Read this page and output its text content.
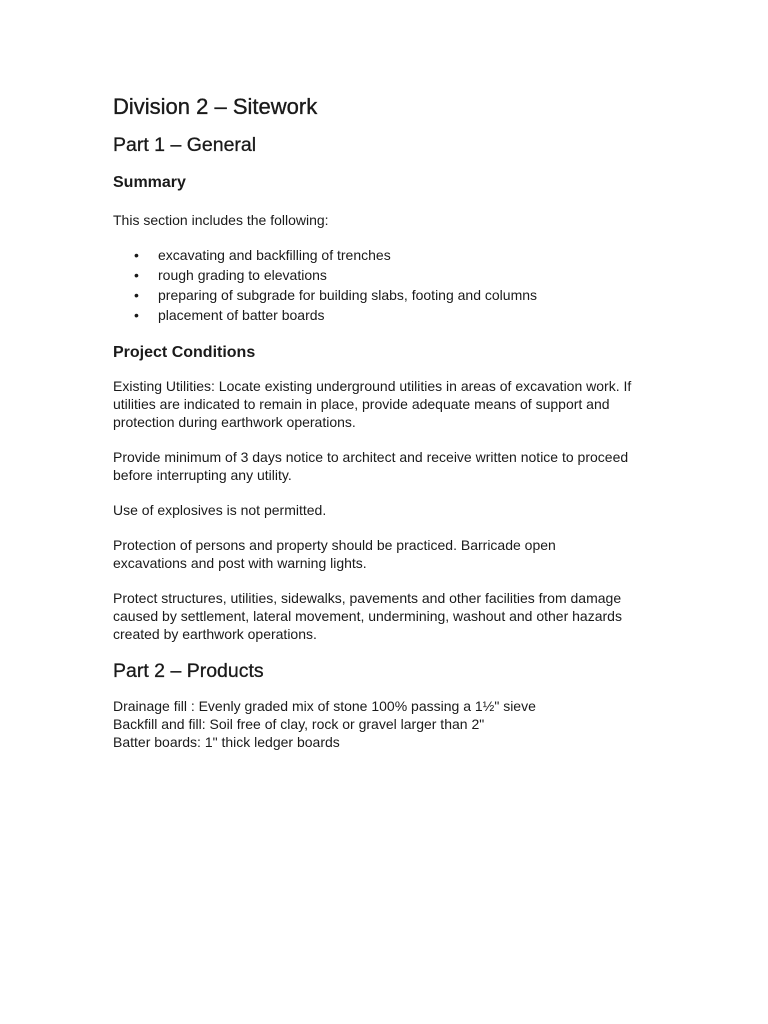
Division 2 – Sitework
Part 1 – General
Summary

This section includes the following:

• excavating and backfilling of trenches
• rough grading to elevations
• preparing of subgrade for building slabs, footing and columns
• placement of batter boards
Project Conditions

Existing Utilities: Locate existing underground utilities in areas of excavation work. If utilities are indicated to remain in place, provide adequate means of support and protection during earthwork operations.

Provide minimum of 3 days notice to architect and receive written notice to proceed before interrupting any utility.

Use of explosives is not permitted.

Protection of persons and property should be practiced. Barricade open excavations and post with warning lights.

Protect structures, utilities, sidewalks, pavements and other facilities from damage caused by settlement, lateral movement, undermining, washout and other hazards created by earthwork operations.

Part 2 – Products

Drainage fill : Evenly graded mix of stone 100% passing a 1½" sieve

Backfill and fill: Soil free of clay, rock or gravel larger than 2"

Batter boards: 1" thick ledger boards
